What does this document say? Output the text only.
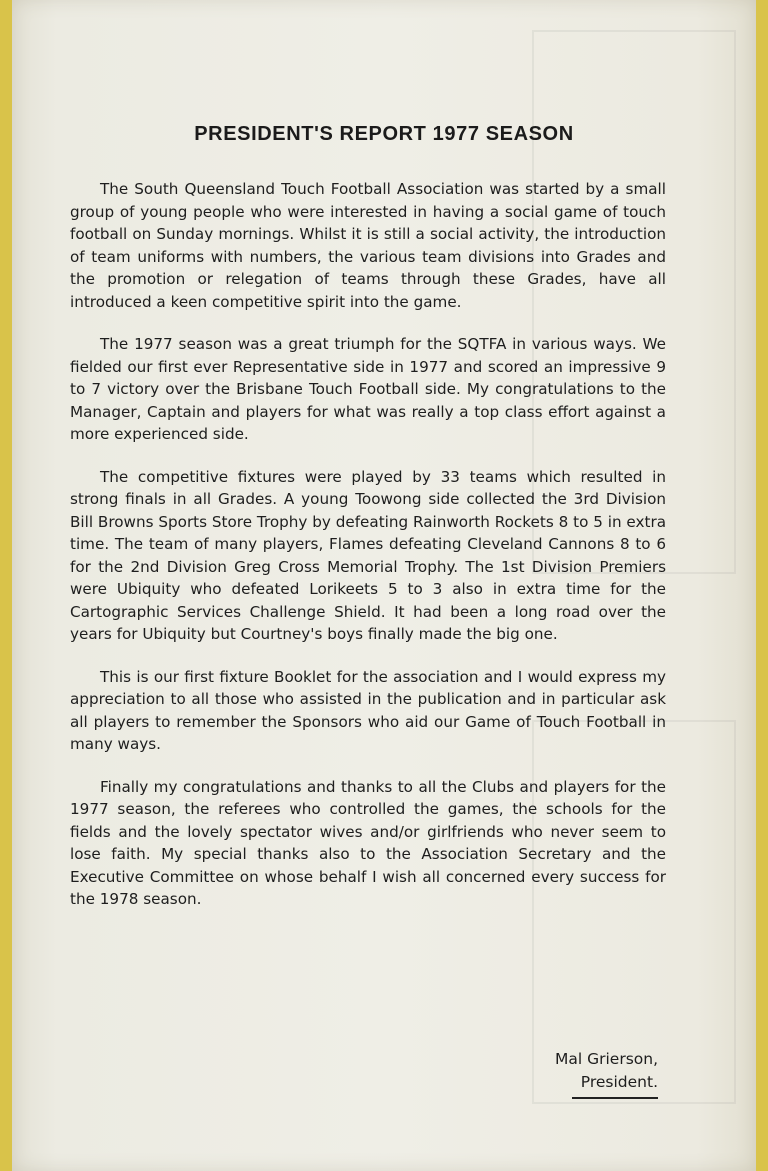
PRESIDENT'S REPORT 1977 SEASON

The South Queensland Touch Football Association was started by a small group of young people who were interested in having a social game of touch football on Sunday mornings. Whilst it is still a social activity, the introduction of team uniforms with numbers, the various team divisions into Grades and the promotion or relegation of teams through these Grades, have all introduced a keen competitive spirit into the game.

The 1977 season was a great triumph for the SQTFA in various ways. We fielded our first ever Representative side in 1977 and scored an impressive 9 to 7 victory over the Brisbane Touch Football side. My congratulations to the Manager, Captain and players for what was really a top class effort against a more experienced side.

The competitive fixtures were played by 33 teams which resulted in strong finals in all Grades. A young Toowong side collected the 3rd Division Bill Browns Sports Store Trophy by defeating Rainworth Rockets 8 to 5 in extra time. The team of many players, Flames defeating Cleveland Cannons 8 to 6 for the 2nd Division Greg Cross Memorial Trophy. The 1st Division Premiers were Ubiquity who defeated Lorikeets 5 to 3 also in extra time for the Cartographic Services Challenge Shield. It had been a long road over the years for Ubiquity but Courtney's boys finally made the big one.

This is our first fixture Booklet for the association and I would express my appreciation to all those who assisted in the publication and in particular ask all players to remember the Sponsors who aid our Game of Touch Football in many ways.

Finally my congratulations and thanks to all the Clubs and players for the 1977 season, the referees who controlled the games, the schools for the fields and the lovely spectator wives and/or girlfriends who never seem to lose faith. My special thanks also to the Association Secretary and the Executive Committee on whose behalf I wish all concerned every success for the 1978 season.

Mal Grierson,
President.
